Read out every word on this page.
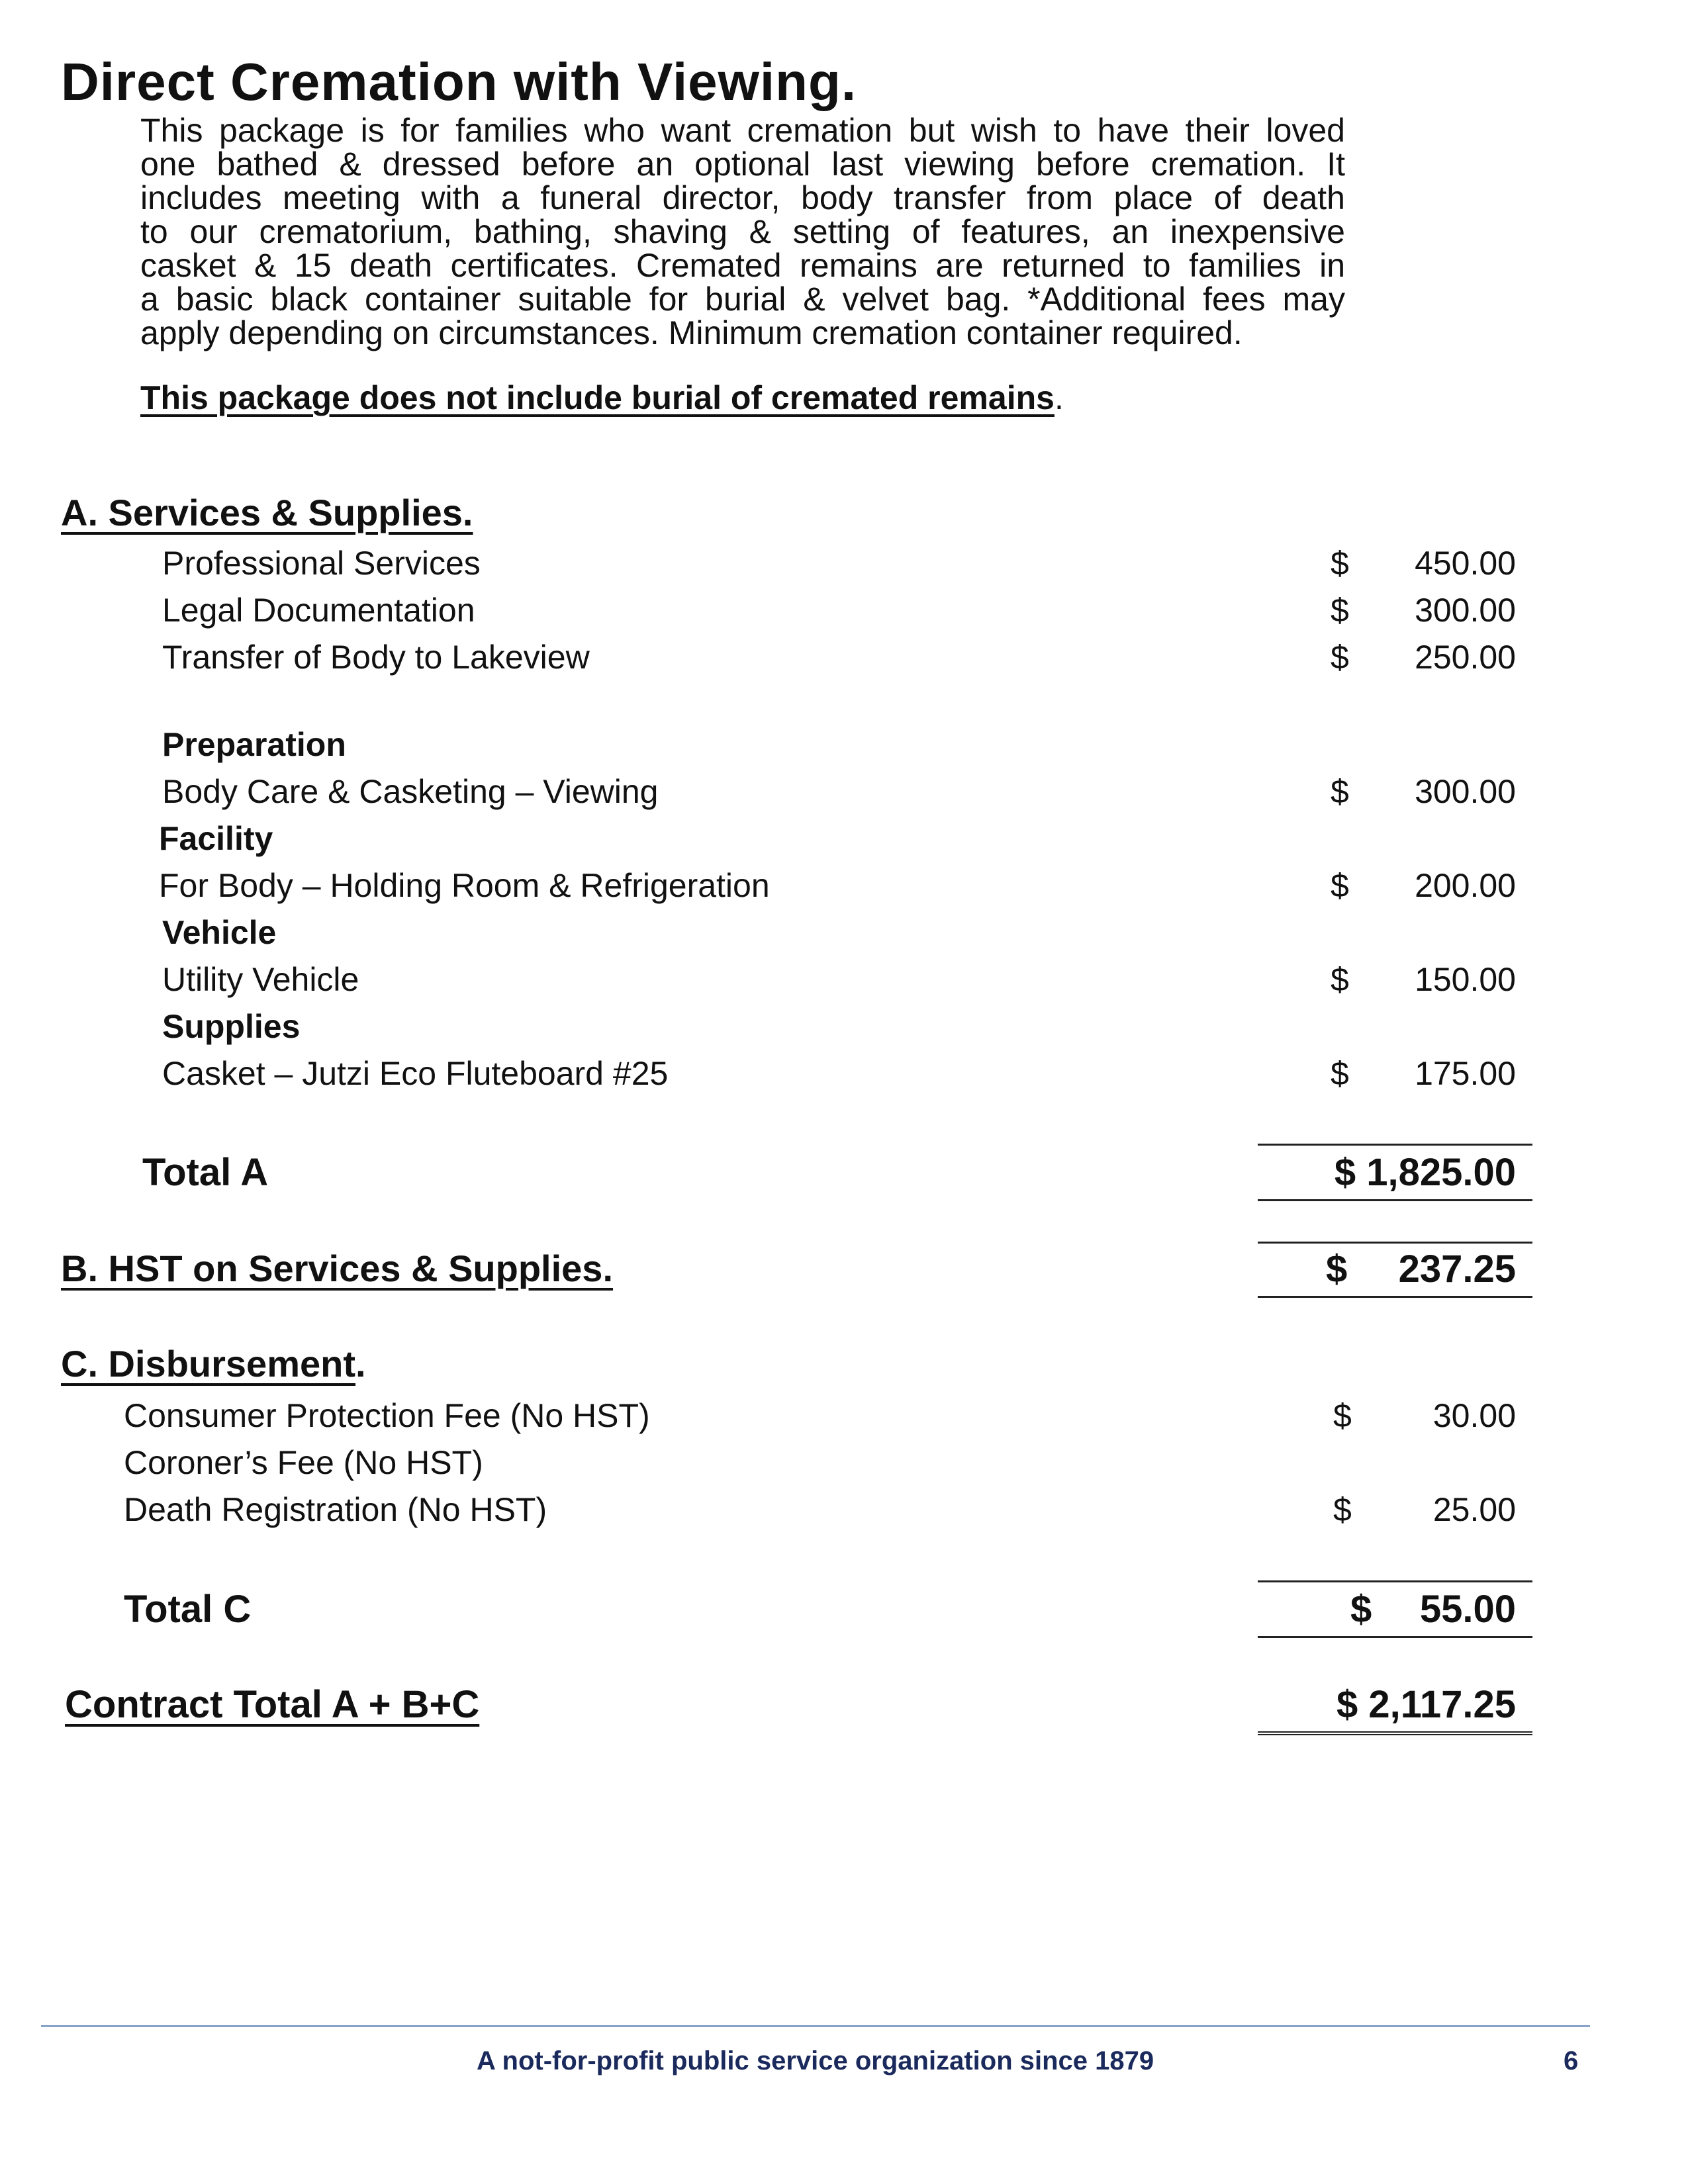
Direct Cremation with Viewing.
This package is for families who want cremation but wish to have their loved
one bathed & dressed before an optional last viewing before cremation. It
includes meeting with a funeral director, body transfer from place of death
to our crematorium, bathing, shaving & setting of features, an inexpensive
casket & 15 death certificates. Cremated remains are returned to families in
a basic black container suitable for burial & velvet bag. *Additional fees may
apply depending on circumstances. Minimum cremation container required.
This package does not include burial of cremated remains.
A. Services & Supplies.
Professional Services	$	450.00
Legal Documentation	$	300.00
Transfer of Body to Lakeview	$	250.00
Preparation
Body Care & Casketing – Viewing	$	300.00
Facility
For Body – Holding Room & Refrigeration	$	200.00
Vehicle
Utility Vehicle	$	150.00
Supplies
Casket – Jutzi Eco Fluteboard #25	$	175.00
Total A	$ 1,825.00
B. HST on Services & Supplies.	$	237.25
C. Disbursement.
Consumer Protection Fee (No HST)	$	30.00
Coroner’s Fee (No HST)
Death Registration (No HST)	$	25.00
Total C	$	55.00
Contract Total A + B+C	$ 2,117.25
A not-for-profit public service organization since 1879	6
